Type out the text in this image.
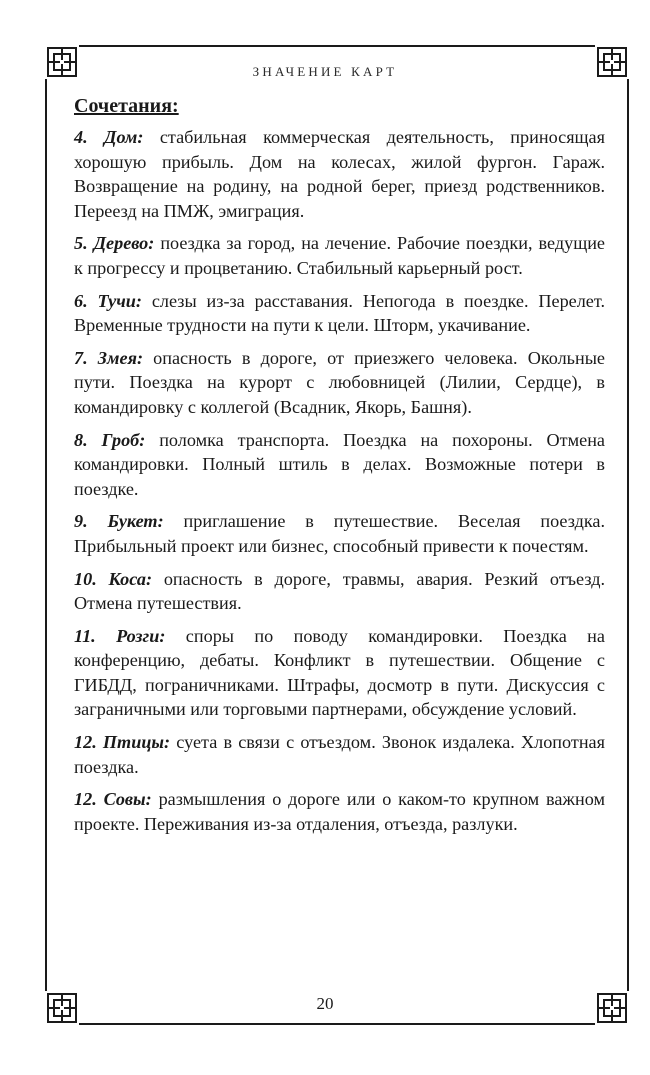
ЗНАЧЕНИЕ КАРТ
Сочетания:

4. Дом: стабильная коммерческая деятельность, приносящая хорошую прибыль. Дом на колесах, жилой фургон. Гараж. Возвращение на родину, на родной берег, приезд родственников. Переезд на ПМЖ, эмиграция.

5. Дерево: поездка за город, на лечение. Рабочие поездки, ведущие к прогрессу и процветанию. Стабильный карьерный рост.

6. Тучи: слезы из-за расставания. Непогода в поездке. Перелет. Временные трудности на пути к цели. Шторм, укачивание.

7. Змея: опасность в дороге, от приезжего человека. Окольные пути. Поездка на курорт с любовницей (Лилии, Сердце), в командировку с коллегой (Всадник, Якорь, Башня).

8. Гроб: поломка транспорта. Поездка на похороны. Отмена командировки. Полный штиль в делах. Возможные потери в поездке.

9. Букет: приглашение в путешествие. Веселая поездка. Прибыльный проект или бизнес, способный привести к почестям.

10. Коса: опасность в дороге, травмы, авария. Резкий отъезд. Отмена путешествия.

11. Розги: споры по поводу командировки. Поездка на конференцию, дебаты. Конфликт в путешествии. Общение с ГИБДД, пограничниками. Штрафы, досмотр в пути. Дискуссия с заграничными или торговыми партнерами, обсуждение условий.

12. Птицы: суета в связи с отъездом. Звонок издалека. Хлопотная поездка.

12. Совы: размышления о дороге или о каком-то крупном важном проекте. Переживания из-за отдаления, отъезда, разлуки.

20
